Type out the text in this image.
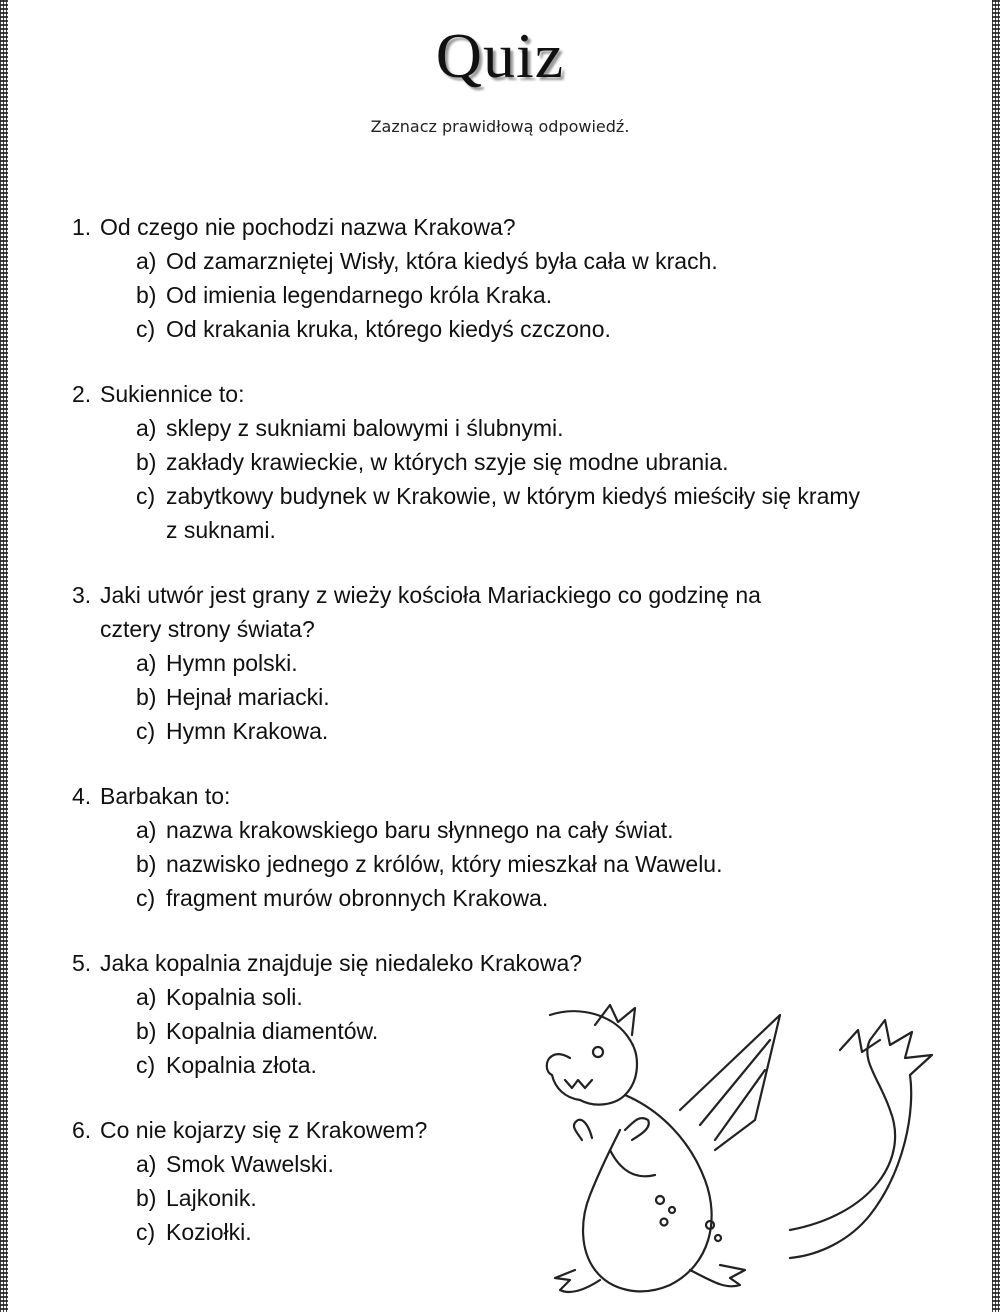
Quiz
Zaznacz prawidłową odpowiedź.
1. Od czego nie pochodzi nazwa Krakowa?
a) Od zamarzniętej Wisły, która kiedyś była cała w krach.
b) Od imienia legendarnego króla Kraka.
c) Od krakania kruka, którego kiedyś czczono.
2. Sukiennice to:
a) sklepy z sukniami balowymi i ślubnymi.
b) zakłady krawieckie, w których szyje się modne ubrania.
c) zabytkowy budynek w Krakowie, w którym kiedyś mieściły się kramy z suknami.
3. Jaki utwór jest grany z wieży kościoła Mariackiego co godzinę na cztery strony świata?
a) Hymn polski.
b) Hejnał mariacki.
c) Hymn Krakowa.
4. Barbakan to:
a) nazwa krakowskiego baru słynnego na cały świat.
b) nazwisko jednego z królów, który mieszkał na Wawelu.
c) fragment murów obronnych Krakowa.
5. Jaka kopalnia znajduje się niedaleko Krakowa?
a) Kopalnia soli.
b) Kopalnia diamentów.
c) Kopalnia złota.
6. Co nie kojarzy się z Krakowem?
a) Smok Wawelski.
b) Lajkonik.
c) Koziołki.
